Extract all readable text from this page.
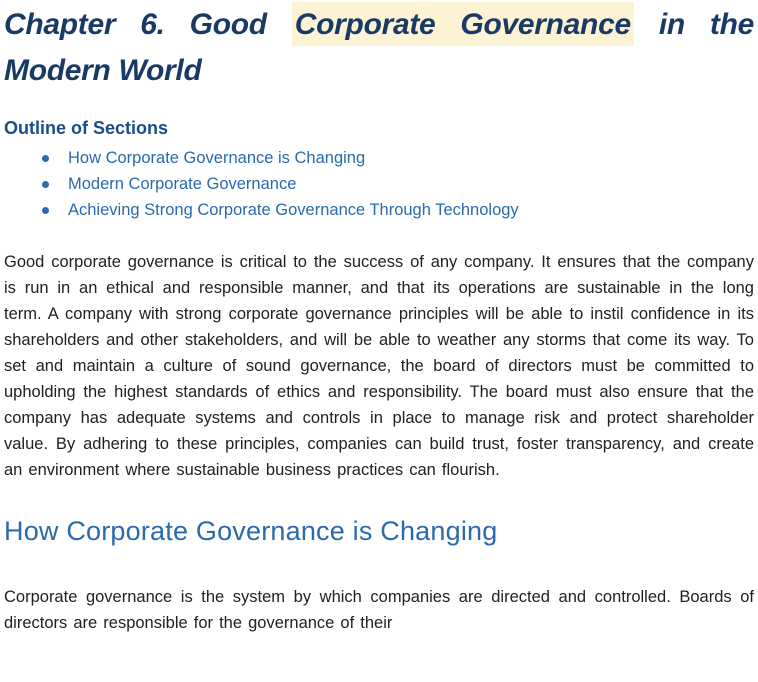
Chapter 6. Good Corporate Governance in the
Modern World
Outline of Sections
How Corporate Governance is Changing
Modern Corporate Governance
Achieving Strong Corporate Governance Through Technology

Good corporate governance is critical to the success of any company. It ensures that the company is run in an ethical and responsible manner, and that its operations are sustainable in the long term. A company with strong corporate governance principles will be able to instil confidence in its shareholders and other stakeholders, and will be able to weather any storms that come its way. To set and maintain a culture of sound governance, the board of directors must be committed to upholding the highest standards of ethics and responsibility. The board must also ensure that the company has adequate systems and controls in place to manage risk and protect shareholder value. By adhering to these principles, companies can build trust, foster transparency, and create an environment where sustainable business practices can flourish.

How Corporate Governance is Changing

Corporate governance is the system by which companies are directed and controlled. Boards of directors are responsible for the governance of their
